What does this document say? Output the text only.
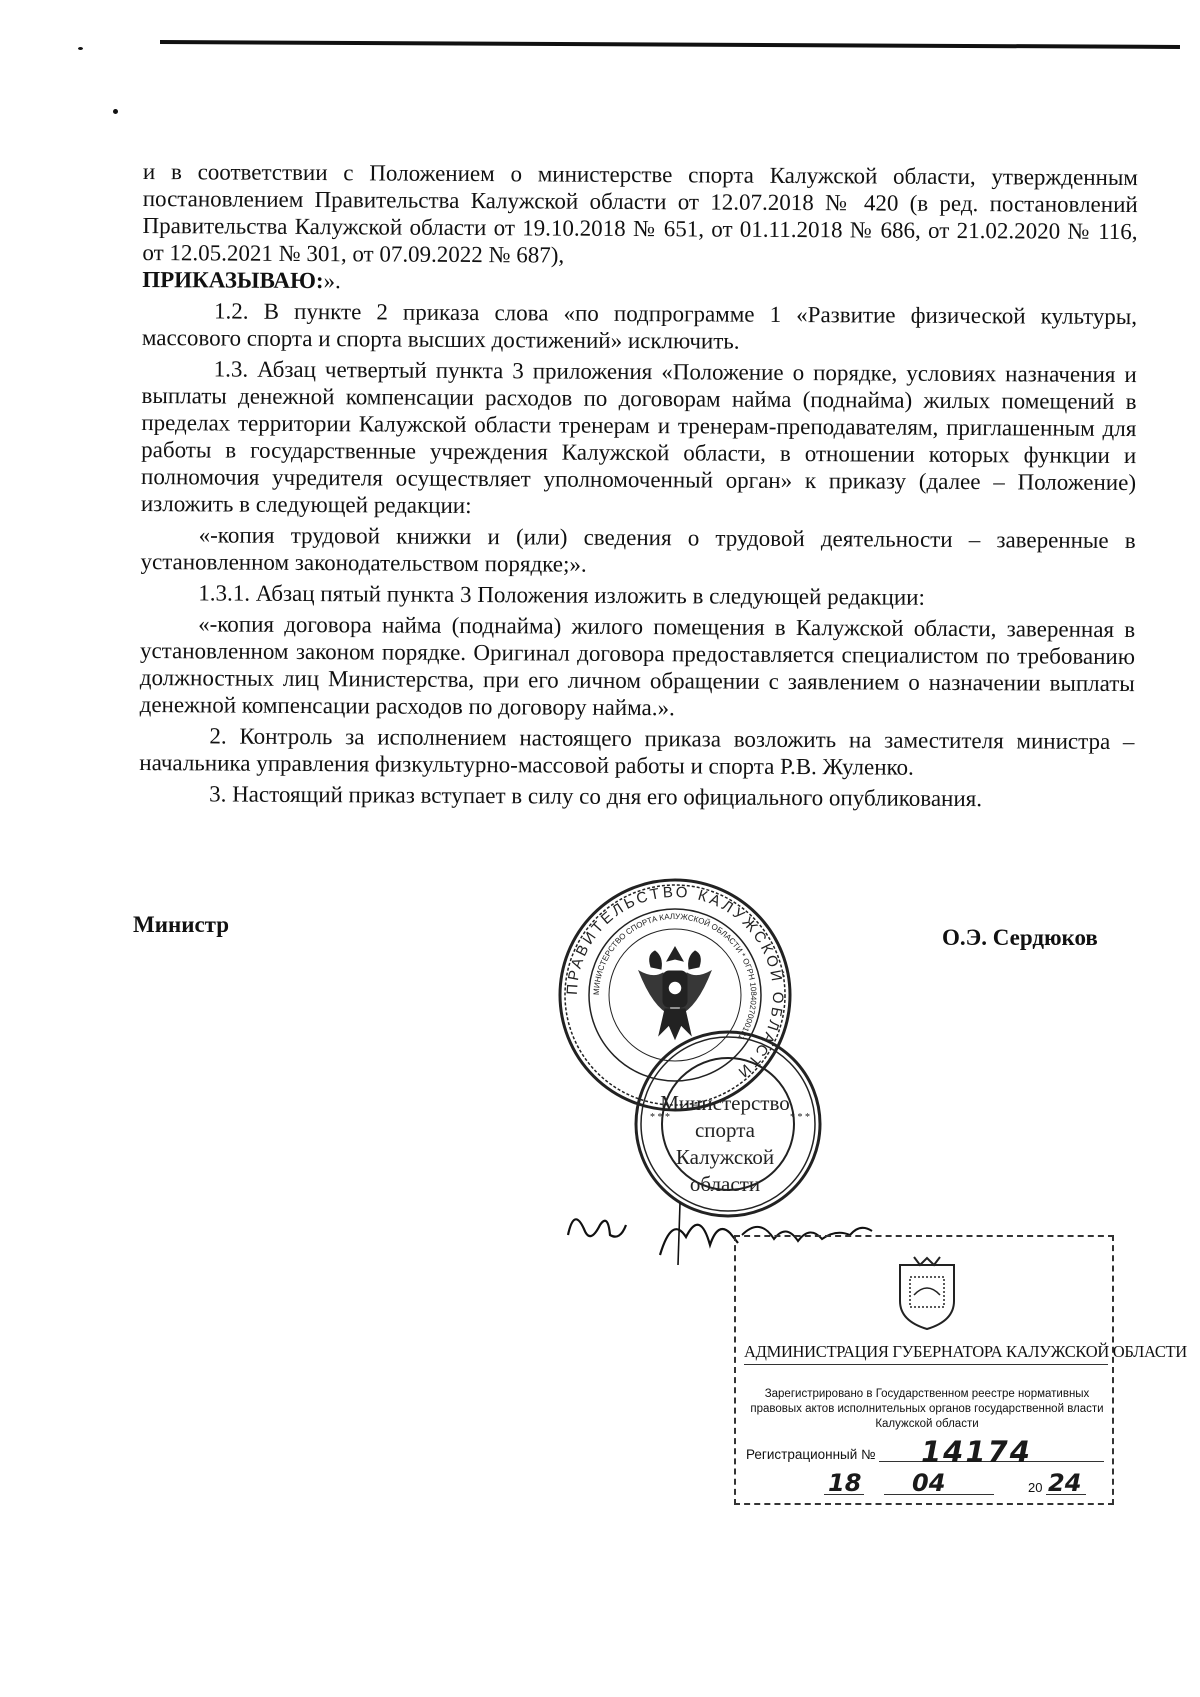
и в соответствии с Положением о министерстве спорта Калужской области, утвержденным постановлением Правительства Калужской области от 12.07.2018 № 420 (в ред. постановлений Правительства Калужской области от 19.10.2018 № 651, от 01.11.2018 № 686, от 21.02.2020 № 116, от 12.05.2021 № 301, от 07.09.2022 № 687),
ПРИКАЗЫВАЮ:».

1.2. В пункте 2 приказа слова «по подпрограмме 1 «Развитие физической культуры, массового спорта и спорта высших достижений» исключить.

1.3. Абзац четвертый пункта 3 приложения «Положение о порядке, условиях назначения и выплаты денежной компенсации расходов по договорам найма (поднайма) жилых помещений в пределах территории Калужской области тренерам и тренерам-преподавателям, приглашенным для работы в государственные учреждения Калужской области, в отношении которых функции и полномочия учредителя осуществляет уполномоченный орган» к приказу (далее – Положение) изложить в следующей редакции:

«-копия трудовой книжки и (или) сведения о трудовой деятельности – заверенные в установленном законодательством порядке;».

1.3.1. Абзац пятый пункта 3 Положения изложить в следующей редакции:

«-копия договора найма (поднайма) жилого помещения в Калужской области, заверенная в установленном законом порядке. Оригинал договора предоставляется специалистом по требованию должностных лиц Министерства, при его личном обращении с заявлением о назначении выплаты денежной компенсации расходов по договору найма.».

2. Контроль за исполнением настоящего приказа возложить на заместителя министра – начальника управления физкультурно-массовой работы и спорта Р.В. Жуленко.

3. Настоящий приказ вступает в силу со дня его официального опубликования.

Министр
О.Э. Сердюков
ПРАВИТЕЛЬСТВО КАЛУЖСКОЙ ОБЛАСТИ
МИНИСТЕРСТВО СПОРТА КАЛУЖСКОЙ ОБЛАСТИ * ОГРН 1084027000131
* * *	* * *
Министерство
спорта
Калужской
области
АДМИНИСТРАЦИЯ ГУБЕРНАТОРА КАЛУЖСКОЙ ОБЛАСТИ
Зарегистрировано в Государственном реестре нормативных правовых актов исполнительных органов государственной власти Калужской области
Регистрационный № 14174
18 04	20 24
